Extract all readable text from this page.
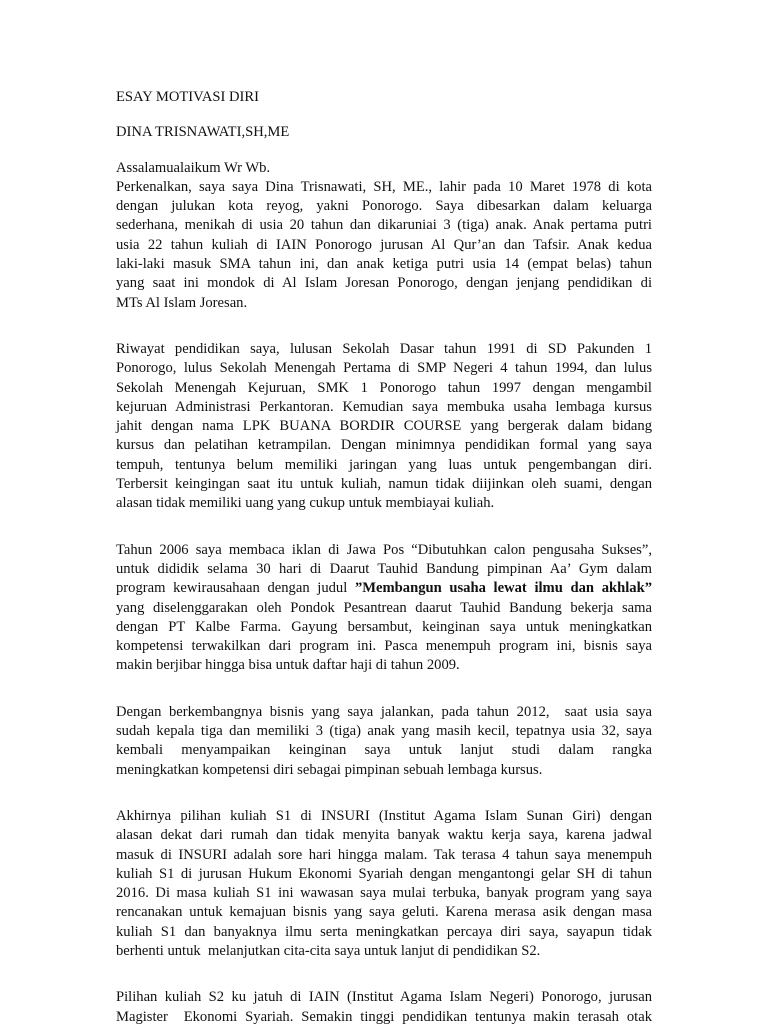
ESAY MOTIVASI DIRI
DINA TRISNAWATI,SH,ME
Assalamualaikum Wr Wb.
Perkenalkan, saya saya Dina Trisnawati, SH, ME., lahir pada 10 Maret 1978 di kota
dengan julukan kota reyog, yakni Ponorogo. Saya dibesarkan dalam keluarga
sederhana, menikah di usia 20 tahun dan dikaruniai 3 (tiga) anak. Anak pertama putri
usia 22 tahun kuliah di IAIN Ponorogo jurusan Al Qur’an dan Tafsir. Anak kedua
laki-laki masuk SMA tahun ini, dan anak ketiga putri usia 14 (empat belas) tahun
yang saat ini mondok di Al Islam Joresan Ponorogo, dengan jenjang pendidikan di
MTs Al Islam Joresan.
Riwayat pendidikan saya, lulusan Sekolah Dasar tahun 1991 di SD Pakunden 1
Ponorogo, lulus Sekolah Menengah Pertama di SMP Negeri 4 tahun 1994, dan lulus
Sekolah Menengah Kejuruan, SMK 1 Ponorogo tahun 1997 dengan mengambil
kejuruan Administrasi Perkantoran. Kemudian saya membuka usaha lembaga kursus
jahit dengan nama LPK BUANA BORDIR COURSE yang bergerak dalam bidang
kursus dan pelatihan ketrampilan. Dengan minimnya pendidikan formal yang saya
tempuh, tentunya belum memiliki jaringan yang luas untuk pengembangan diri.
Terbersit keingingan saat itu untuk kuliah, namun tidak diijinkan oleh suami, dengan
alasan tidak memiliki uang yang cukup untuk membiayai kuliah.
Tahun 2006 saya membaca iklan di Jawa Pos “Dibutuhkan calon pengusaha Sukses”,
untuk dididik selama 30 hari di Daarut Tauhid Bandung pimpinan Aa’ Gym dalam
program kewirausahaan dengan judul ”Membangun usaha lewat ilmu dan akhlak”
yang diselenggarakan oleh Pondok Pesantrean daarut Tauhid Bandung bekerja sama
dengan PT Kalbe Farma. Gayung bersambut, keinginan saya untuk meningkatkan
kompetensi terwakilkan dari program ini. Pasca menempuh program ini, bisnis saya
makin berjibar hingga bisa untuk daftar haji di tahun 2009.
Dengan berkembangnya bisnis yang saya jalankan, pada tahun 2012,  saat usia saya
sudah kepala tiga dan memiliki 3 (tiga) anak yang masih kecil, tepatnya usia 32, saya
kembali menyampaikan keinginan saya untuk lanjut studi dalam rangka
meningkatkan kompetensi diri sebagai pimpinan sebuah lembaga kursus.
Akhirnya pilihan kuliah S1 di INSURI (Institut Agama Islam Sunan Giri) dengan
alasan dekat dari rumah dan tidak menyita banyak waktu kerja saya, karena jadwal
masuk di INSURI adalah sore hari hingga malam. Tak terasa 4 tahun saya menempuh
kuliah S1 di jurusan Hukum Ekonomi Syariah dengan mengantongi gelar SH di tahun
2016. Di masa kuliah S1 ini wawasan saya mulai terbuka, banyak program yang saya
rencanakan untuk kemajuan bisnis yang saya geluti. Karena merasa asik dengan masa
kuliah S1 dan banyaknya ilmu serta meningkatkan percaya diri saya, sayapun tidak
berhenti untuk  melanjutkan cita-cita saya untuk lanjut di pendidikan S2.
Pilihan kuliah S2 ku jatuh di IAIN (Institut Agama Islam Negeri) Ponorogo, jurusan
Magister  Ekonomi Syariah. Semakin tinggi pendidikan tentunya makin terasah otak
